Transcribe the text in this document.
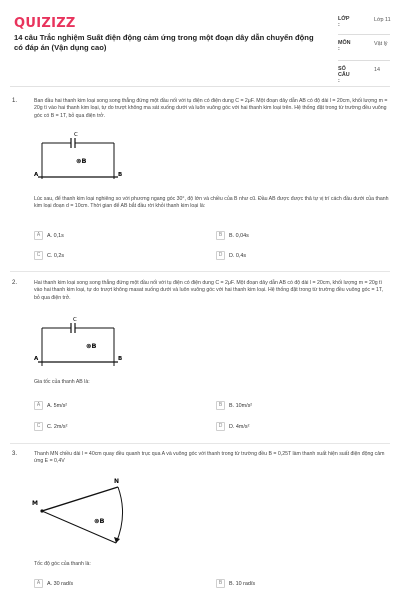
QUIZIZZ
14 câu Trắc nghiệm Suất điện động cảm ứng trong một đoạn dây dẫn chuyển động có đáp án (Vận dụng cao)
LỚP :
Lớp 11
MÔN :
Vật lý
SỐ CÂU :
14
1.	Ban đầu hai thanh kim loại song song thẳng đứng một đầu nối với tụ điện có điện dung C = 2μF. Một đoạn dây dẫn AB có độ dài l = 20cm, khối lượng m = 20g tì vào hai thanh kim loại, tự do trượt không ma sát xuống dưới và luôn vuông góc với hai thanh kim loại trên. Hệ thống đặt trong từ trường đều vuông góc có B = 1T, bỏ qua điện trở.
C
⊗B
A	B
Lúc sau, để thanh kim loại nghiêng so với phương ngang góc 30°, độ lớn và chiều của B như cũ. Đầu AB được được thả tự vị trí cách đầu dưới của thanh kim loại đoạn d = 10cm. Thời gian để AB bắt đầu rời khỏi thanh kim loại là:
A	A. 0,1s	B	B. 0,04s
C	C. 0,2s	D	D. 0,4s
2.	Hai thanh kim loại song song thẳng đứng một đầu nối với tụ điện có điện dung C = 2μF. Một đoạn dây dẫn AB có độ dài l = 20cm, khối lượng m = 20g tì vào hai thanh kim loại, tự do trượt không masat xuống dưới và luôn vuông góc với hai thanh kim loại. Hệ thống đặt trong từ trường đều vuông góc = 1T, bỏ qua điện trở.
C
⊗B
A	B
Gia tốc của thanh AB là:
A	A. 5m/s²	B	B. 10m/s²
C	C. 2m/s²	D	D. 4m/s²
3.	Thanh MN chiều dài l = 40cm quay đều quanh trục qua A và vuông góc với thanh trong từ trường đều B = 0,25T làm thanh xuất hiện suất điện động cảm ứng E = 0,4V
M
N
⊗B
Tốc độ góc của thanh là:
A	A. 30 rad/s	B	B. 10 rad/s
